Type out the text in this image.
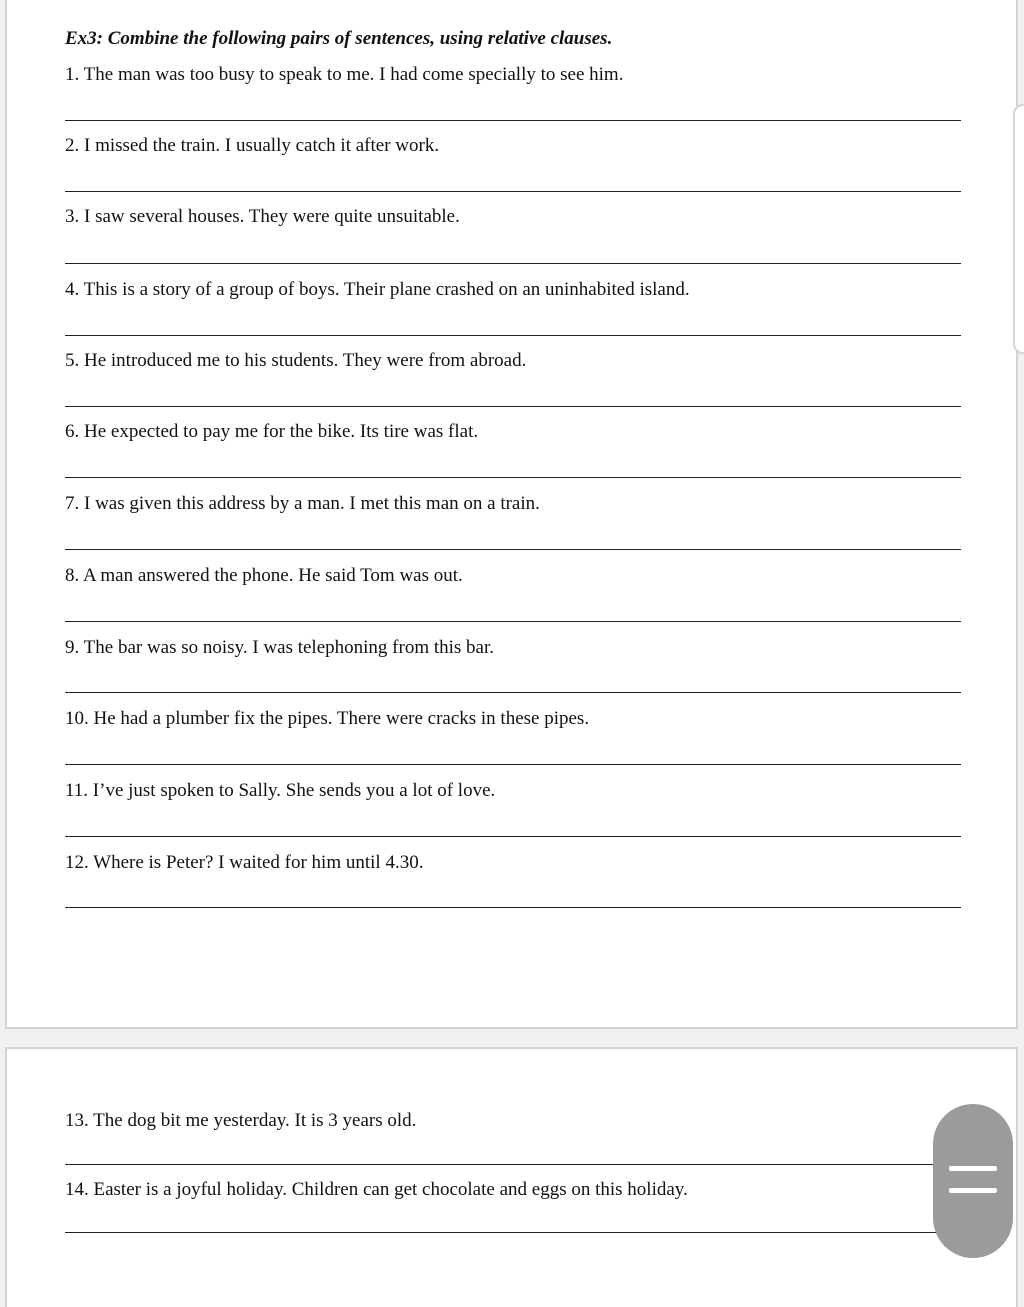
Ex3: Combine the following pairs of sentences, using relative clauses.
1. The man was too busy to speak to me. I had come specially to see him.
2. I missed the train. I usually catch it after work.
3. I saw several houses. They were quite unsuitable.
4. This is a story of a group of boys. Their plane crashed on an uninhabited island.
5. He introduced me to his students. They were from abroad.
6. He expected to pay me for the bike. Its tire was flat.
7. I was given this address by a man. I met this man on a train.
8. A man answered the phone. He said Tom was out.
9. The bar was so noisy. I was telephoning from this bar.
10. He had a plumber fix the pipes. There were cracks in these pipes.
11. I’ve just spoken to Sally. She sends you a lot of love.
12. Where is Peter? I waited for him until 4.30.
13. The dog bit me yesterday. It is 3 years old.
14. Easter is a joyful holiday. Children can get chocolate and eggs on this holiday.
